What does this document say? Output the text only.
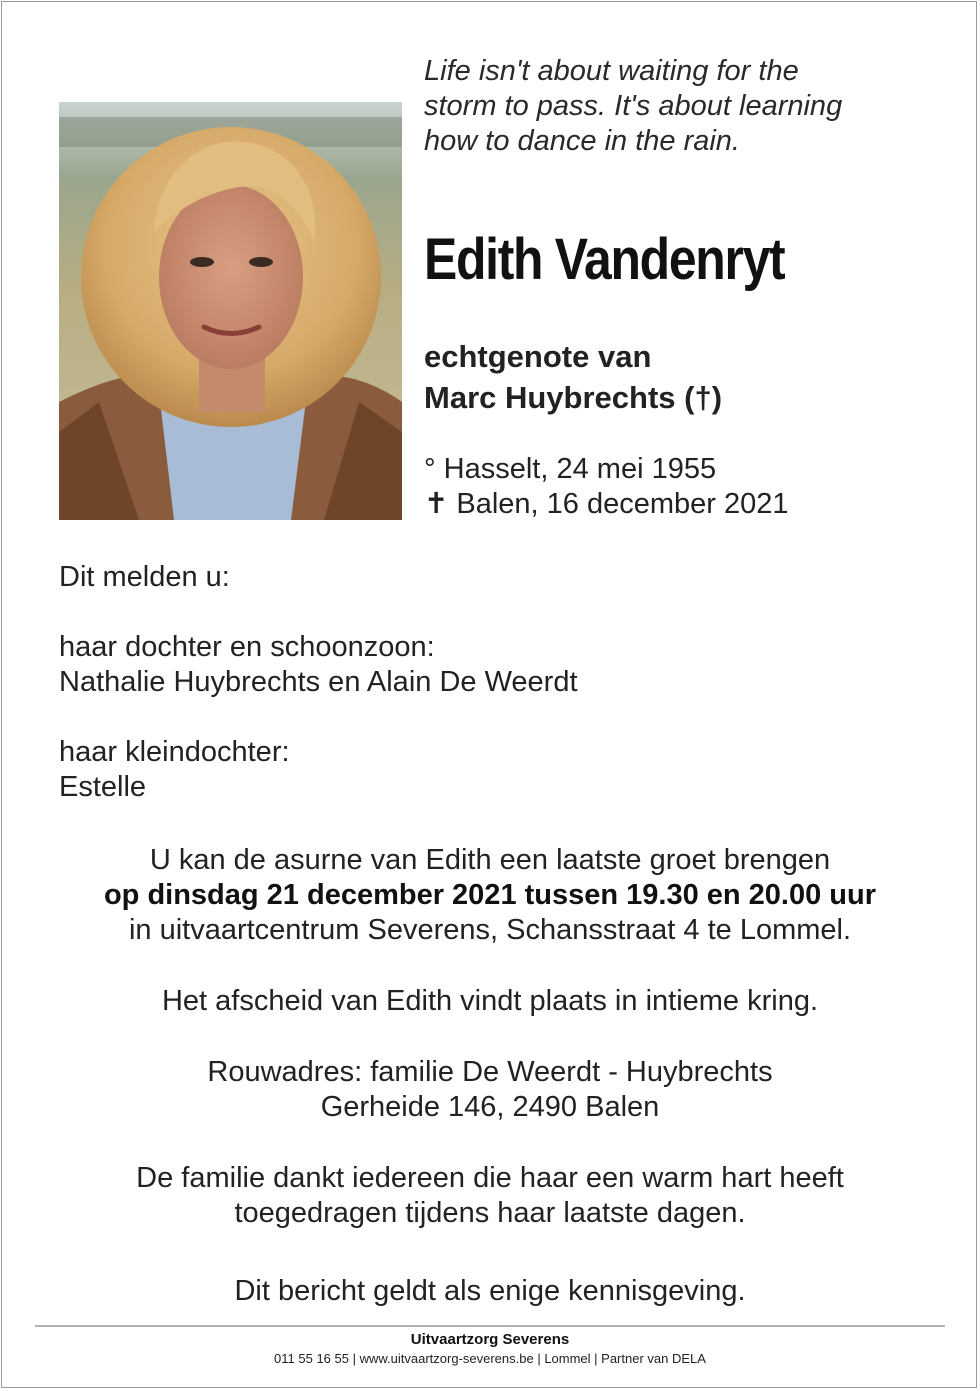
Life isn't about waiting for the
storm to pass. It's about learning
how to dance in the rain.
Edith Vandenryt
echtgenote van
Marc Huybrechts (†)
° Hasselt, 24 mei 1955
✝ Balen, 16 december 2021
Dit melden u:
haar dochter en schoonzoon:
Nathalie Huybrechts en Alain De Weerdt
haar kleindochter:
Estelle
U kan de asurne van Edith een laatste groet brengen
op dinsdag 21 december 2021 tussen 19.30 en 20.00 uur
in uitvaartcentrum Severens, Schansstraat 4 te Lommel.
Het afscheid van Edith vindt plaats in intieme kring.
Rouwadres: familie De Weerdt - Huybrechts
Gerheide 146, 2490 Balen
De familie dankt iedereen die haar een warm hart heeft
toegedragen tijdens haar laatste dagen.
Dit bericht geldt als enige kennisgeving.
Uitvaartzorg Severens
011 55 16 55 | www.uitvaartzorg-severens.be | Lommel | Partner van DELA
